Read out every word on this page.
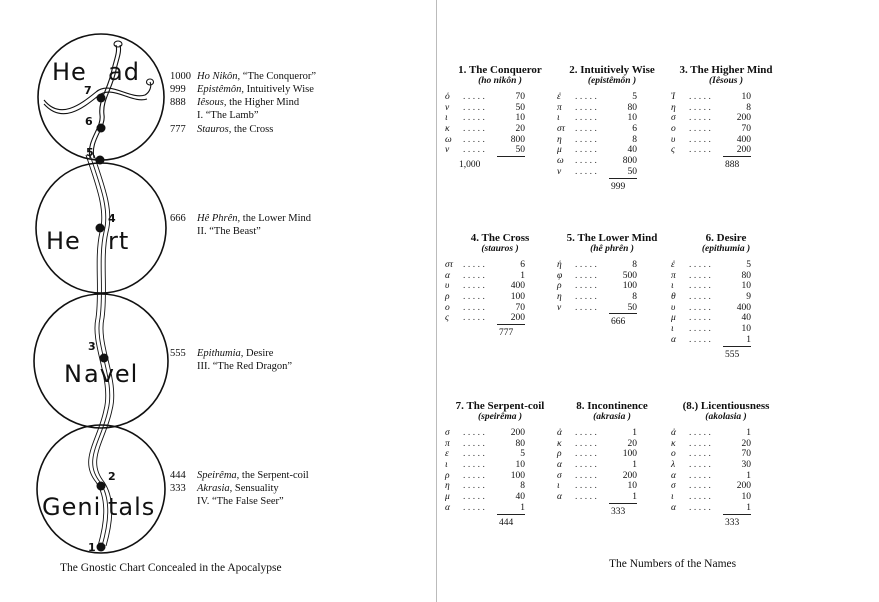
He ad
He rt
N avel
Geni tals
7
6
5
4
3
2
1
1000 Ho Nikôn, “The Conqueror”
999 Epistêmôn, Intuitively Wise
888 Iêsous, the Higher Mind
I. “The Lamb”
777 Stauros, the Cross
666 Hê Phrên, the Lower Mind
II. “The Beast”
555 Epithumia, Desire
III. “The Red Dragon”
444 Speirêma, the Serpent-coil
333 Akrasia, Sensuality
IV. “The False Seer”
The Gnostic Chart Concealed in the Apocalypse
1. The Conqueror
(ho nikôn )
ὁ .....	70
ν .....	50
ι .....	10
κ .....	20
ω .....	800
ν .....	50
1,000
2. Intuitively Wise
(epistêmôn )
ἐ .....	5
π .....	80
ι .....	10
στ .....	6
η .....	8
μ .....	40
ω .....	800
ν .....	50
999
3. The Higher Mind
(Iêsous )
Ἰ .....	10
η .....	8
σ .....	200
ο .....	70
υ .....	400
ς .....	200
888
4. The Cross
(stauros )
στ .....	6
α .....	1
υ .....	400
ρ .....	100
ο .....	70
ς .....	200
777
5. The Lower Mind
(hê phrên )
ἡ .....	8
φ .....	500
ρ .....	100
η .....	8
ν .....	50
666
6. Desire
(epithumia )
ἐ .....	5
π .....	80
ι .....	10
θ .....	9
υ .....	400
μ .....	40
ι .....	10
α .....	1
555
7. The Serpent-coil
(speirêma )
σ .....	200
π .....	80
ε .....	5
ι .....	10
ρ .....	100
η .....	8
μ .....	40
α .....	1
444
8. Incontinence
(akrasia )
ἀ .....	1
κ .....	20
ρ .....	100
α .....	1
σ .....	200
ι .....	10
α .....	1
333
(8.) Licentiousness
(akolasia )
ἀ .....	1
κ .....	20
ο .....	70
λ .....	30
α .....	1
σ .....	200
ι .....	10
α .....	1
333
The Numbers of the Names
